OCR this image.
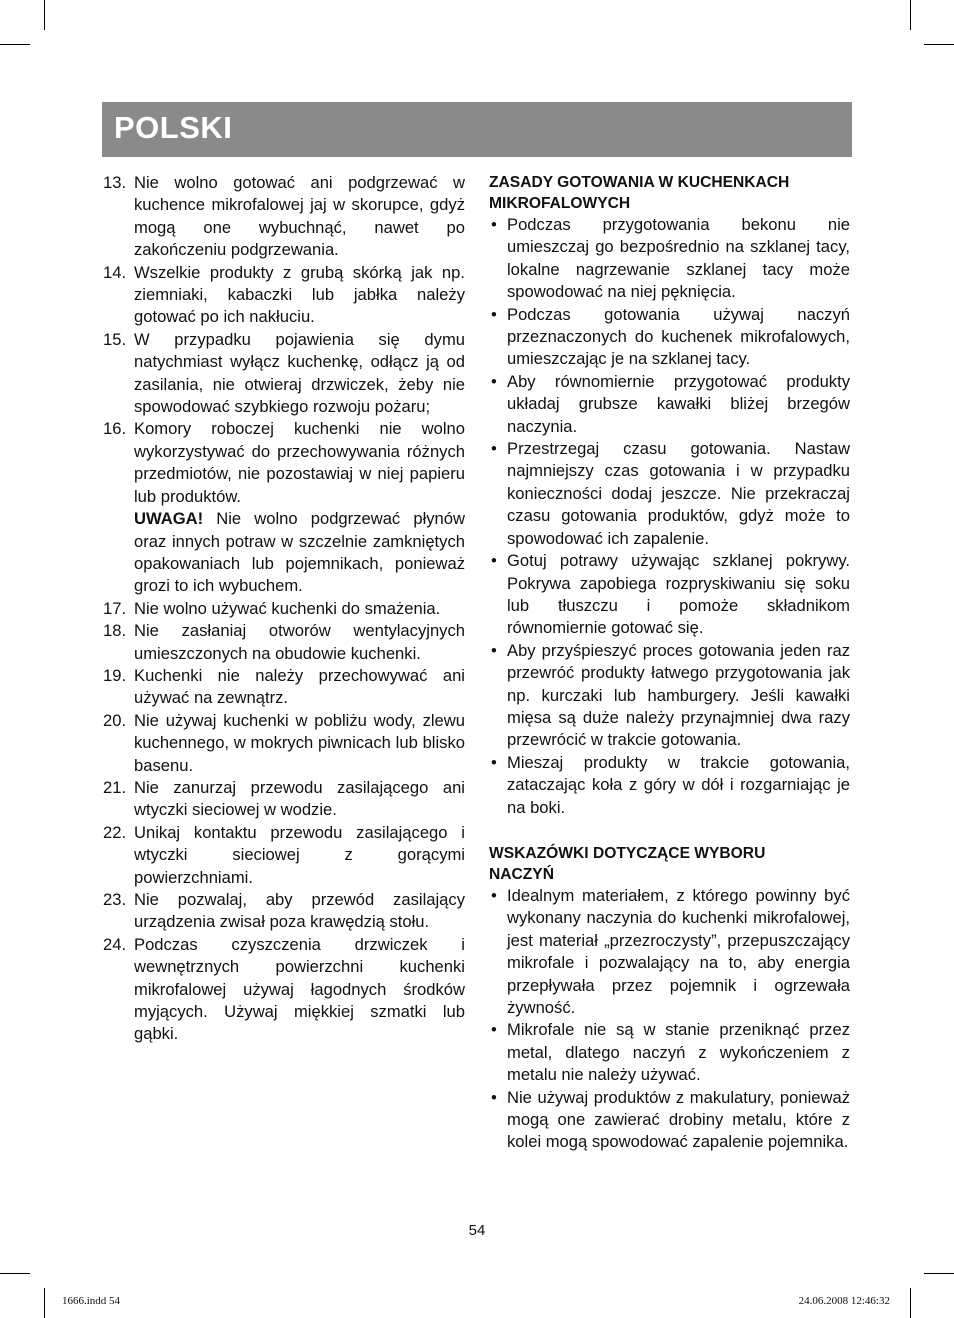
POLSKI
13. Nie wolno gotować ani podgrzewać w kuchence mikrofalowej jaj w skorupce, gdyż mogą one wybuchnąć, nawet po zakończeniu podgrzewania.
14. Wszelkie produkty z grubą skórką jak np. ziemniaki, kabaczki lub jabłka należy gotować po ich nakłuciu.
15. W przypadku pojawienia się dymu natychmiast wyłącz kuchenkę, odłącz ją od zasilania, nie otwieraj drzwiczek, żeby nie spowodować szybkiego rozwoju pożaru;
16. Komory roboczej kuchenki nie wolno wykorzystywać do przechowywania różnych przedmiotów, nie pozostawiaj w niej papieru lub produktów.
UWAGA! Nie wolno podgrzewać płynów oraz innych potraw w szczelnie zamkniętych opakowaniach lub pojemnikach, ponieważ grozi to ich wybuchem.
17. Nie wolno używać kuchenki do smażenia.
18. Nie zasłaniaj otworów wentylacyjnych umieszczonych na obudowie kuchenki.
19. Kuchenki nie należy przechowywać ani używać na zewnątrz.
20. Nie używaj kuchenki w pobliżu wody, zlewu kuchennego, w mokrych piwnicach lub blisko basenu.
21. Nie zanurzaj przewodu zasilającego ani wtyczki sieciowej w wodzie.
22. Unikaj kontaktu przewodu zasilającego i wtyczki sieciowej z gorącymi powierzchniami.
23. Nie pozwalaj, aby przewód zasilający urządzenia zwisał poza krawędzią stołu.
24. Podczas czyszczenia drzwiczek i wewnętrznych powierzchni kuchenki mikrofalowej używaj łagodnych środków myjących. Używaj miękkiej szmatki lub gąbki.
ZASADY GOTOWANIA W KUCHENKACH
MIKROFALOWYCH
• Podczas przygotowania bekonu nie umieszczaj go bezpośrednio na szklanej tacy, lokalne nagrzewanie szklanej tacy może spowodować na niej pęknięcia.
• Podczas gotowania używaj naczyń przeznaczonych do kuchenek mikrofalowych, umieszczając je na szklanej tacy.
• Aby równomiernie przygotować produkty układaj grubsze kawałki bliżej brzegów naczynia.
• Przestrzegaj czasu gotowania. Nastaw najmniejszy czas gotowania i w przypadku konieczności dodaj jeszcze. Nie przekraczaj czasu gotowania produktów, gdyż może to spowodować ich zapalenie.
• Gotuj potrawy używając szklanej pokrywy. Pokrywa zapobiega rozpryskiwaniu się soku lub tłuszczu i pomoże składnikom równomiernie gotować się.
• Aby przyśpieszyć proces gotowania jeden raz przewróć produkty łatwego przygotowania jak np. kurczaki lub hamburgery. Jeśli kawałki mięsa są duże należy przynajmniej dwa razy przewrócić w trakcie gotowania.
• Mieszaj produkty w trakcie gotowania, zataczając koła z góry w dół i rozgarniając je na boki.
WSKAZÓWKI DOTYCZĄCE WYBORU
NACZYŃ
• Idealnym materiałem, z którego powinny być wykonany naczynia do kuchenki mikrofalowej, jest materiał „przezroczysty”, przepuszczający mikrofale i pozwalający na to, aby energia przepływała przez pojemnik i ogrzewała żywność.
• Mikrofale nie są w stanie przeniknąć przez metal, dlatego naczyń z wykończeniem z metalu nie należy używać.
• Nie używaj produktów z makulatury, ponieważ mogą one zawierać drobiny metalu, które z kolei mogą spowodować zapalenie pojemnika.
54
1666.indd 54	24.06.2008 12:46:32
